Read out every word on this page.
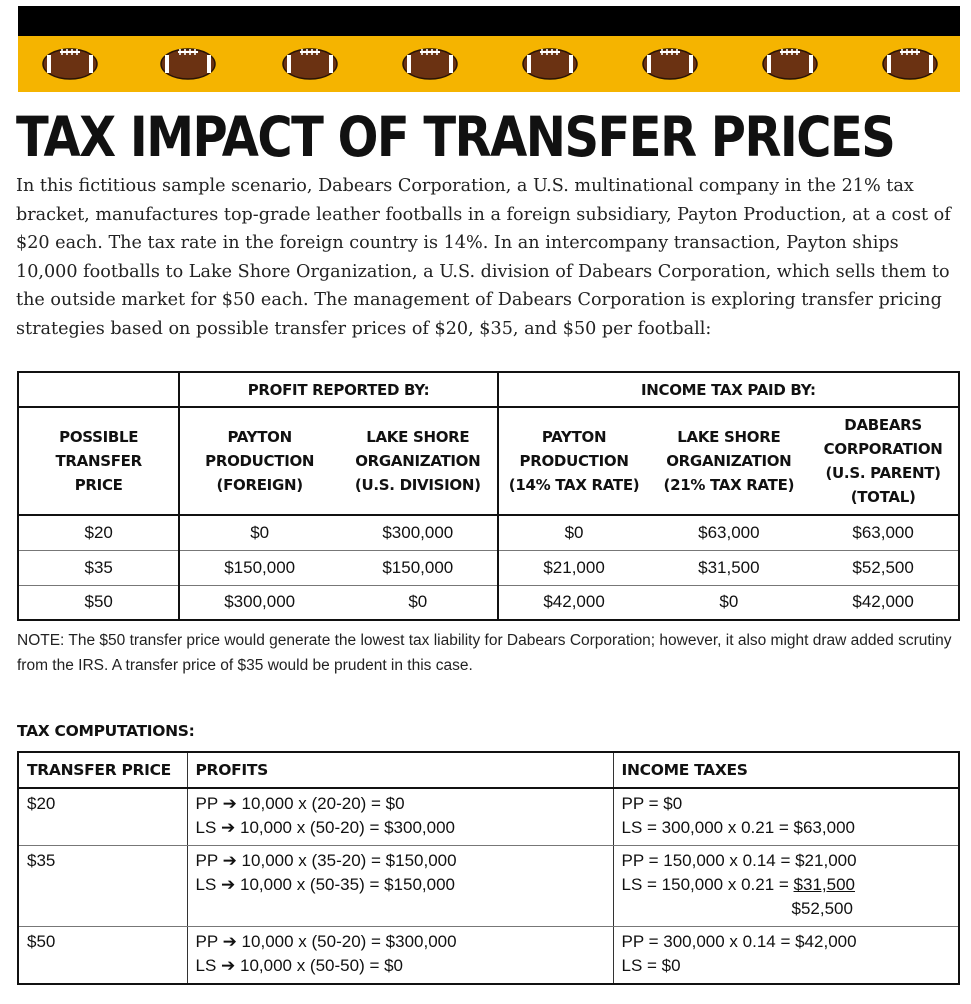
TAX IMPACT OF TRANSFER PRICES

In this fictitious sample scenario, Dabears Corporation, a U.S. multinational company in the 21% tax bracket, manufactures top-grade leather footballs in a foreign subsidiary, Payton Production, at a cost of $20 each. The tax rate in the foreign country is 14%. In an intercompany transaction, Payton ships 10,000 footballs to Lake Shore Organization, a U.S. division of Dabears Corporation, which sells them to the outside market for $50 each. The management of Dabears Corporation is exploring transfer pricing strategies based on possible transfer prices of $20, $35, and $50 per football:

	PROFIT REPORTED BY:		INCOME TAX PAID BY:		

POSSIBLE
TRANSFER
PRICE	PAYTON
PRODUCTION
(FOREIGN)	LAKE SHORE
ORGANIZATION
(U.S. DIVISION)	PAYTON
PRODUCTION
(14% TAX RATE)	LAKE SHORE
ORGANIZATION
(21% TAX RATE)	DABEARS
CORPORATION
(U.S. PARENT)
(TOTAL)

$20	$0	$300,000	$0	$63,000	$63,000
$35	$150,000	$150,000	$21,000	$31,500	$52,500
$50	$300,000	$0	$42,000	$0	$42,000

NOTE: The $50 transfer price would generate the lowest tax liability for Dabears Corporation; however, it also might draw added scrutiny from the IRS. A transfer price of $35 would be prudent in this case.

TAX COMPUTATIONS:
TRANSFER PRICE	PROFITS	INCOME TAXES
$20	PP ➔ 10,000 x (20-20) = $0
LS ➔ 10,000 x (50-20) = $300,000	PP = $0
LS = 300,000 x 0.21 = $63,000

$35	PP ➔ 10,000 x (35-20) = $150,000
LS ➔ 10,000 x (50-35) = $150,000	PP = 150,000 x 0.14 = $21,000
LS = 150,000 x 0.21 = $31,500
$52,500

$50	PP ➔ 10,000 x (50-20) = $300,000
LS ➔ 10,000 x (50-50) = $0	PP = 300,000 x 0.14 = $42,000
LS = $0
